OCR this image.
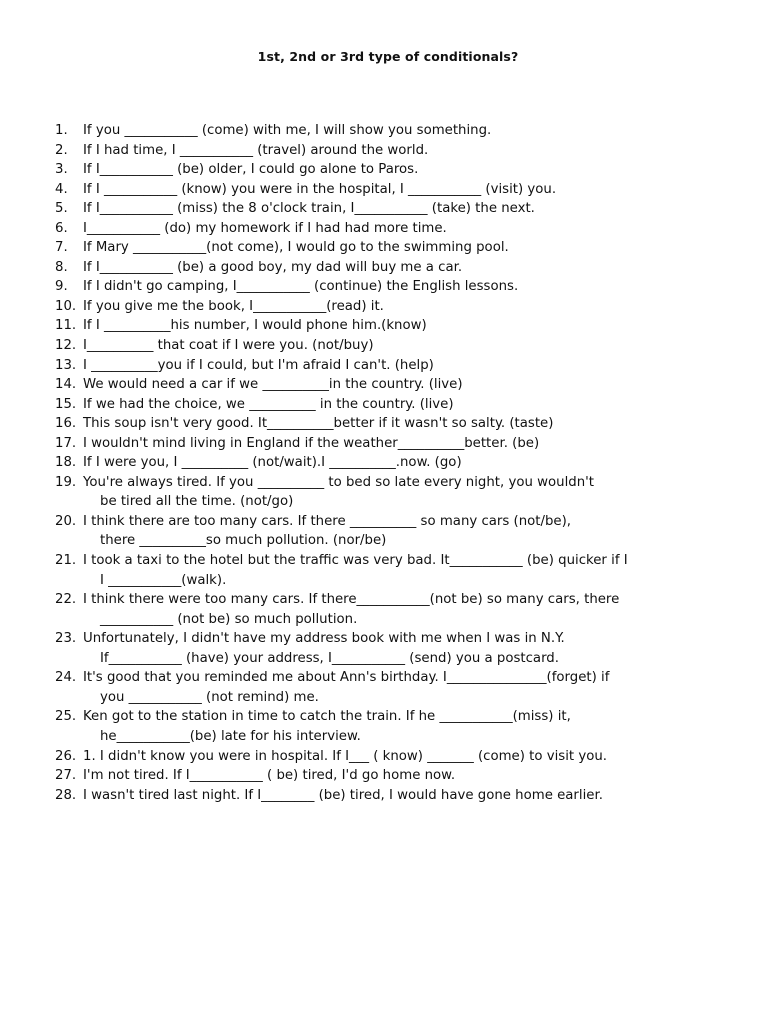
1st, 2nd or 3rd type of conditionals?
1.	If you ___________ (come) with me, I will show you something.
2.	If I had time, I ___________ (travel) around the world.
3.	If I___________ (be) older, I could go alone to Paros.
4.	If I ___________ (know) you were in the hospital, I ___________ (visit) you.
5.	If I___________ (miss) the 8 o'clock train, I___________ (take) the next.
6.	I___________ (do) my homework if I had had more time.
7.	If Mary ___________(not come), I would go to the swimming pool.
8.	If I___________ (be) a good boy, my dad will buy me a car.
9.	If I didn't go camping, I___________ (continue) the English lessons.
10. If you give me the book, I___________(read) it.
11. If I __________his number, I would phone him.(know)
12. I__________ that coat if I were you. (not/buy)
13. I __________you if I could, but I'm afraid I can't. (help)
14. We would need a car if we __________in the country. (live)
15. If we had the choice, we __________ in the country. (live)
16. This soup isn't very good. It__________better if it wasn't so salty. (taste)
17. I wouldn't mind living in England if the weather__________better. (be)
18. If I were you, I __________ (not/wait).I __________.now. (go)
19. You're always tired. If you __________ to bed so late every night, you wouldn't
be tired all the time. (not/go)
20. I think there are too many cars. If there __________ so many cars (not/be),
there __________so much pollution. (nor/be)
21. I took a taxi to the hotel but the traffic was very bad. It___________ (be) quicker if I
I ___________(walk).
22. I think there were too many cars. If there___________(not be) so many cars, there
___________ (not be) so much pollution.
23. Unfortunately, I didn't have my address book with me when I was in N.Y.
If___________ (have) your address, I___________ (send) you a postcard.
24. It's good that you reminded me about Ann's birthday. I_______________(forget) if
you ___________ (not remind) me.
25. Ken got to the station in time to catch the train. If he ___________(miss) it,
he___________(be) late for his interview.
26. 1. I didn't know you were in hospital. If I___ ( know) _______ (come) to visit you.
27. I'm not tired. If I___________ ( be) tired, I'd go home now.
28. I wasn't tired last night. If I________ (be) tired, I would have gone home earlier.
